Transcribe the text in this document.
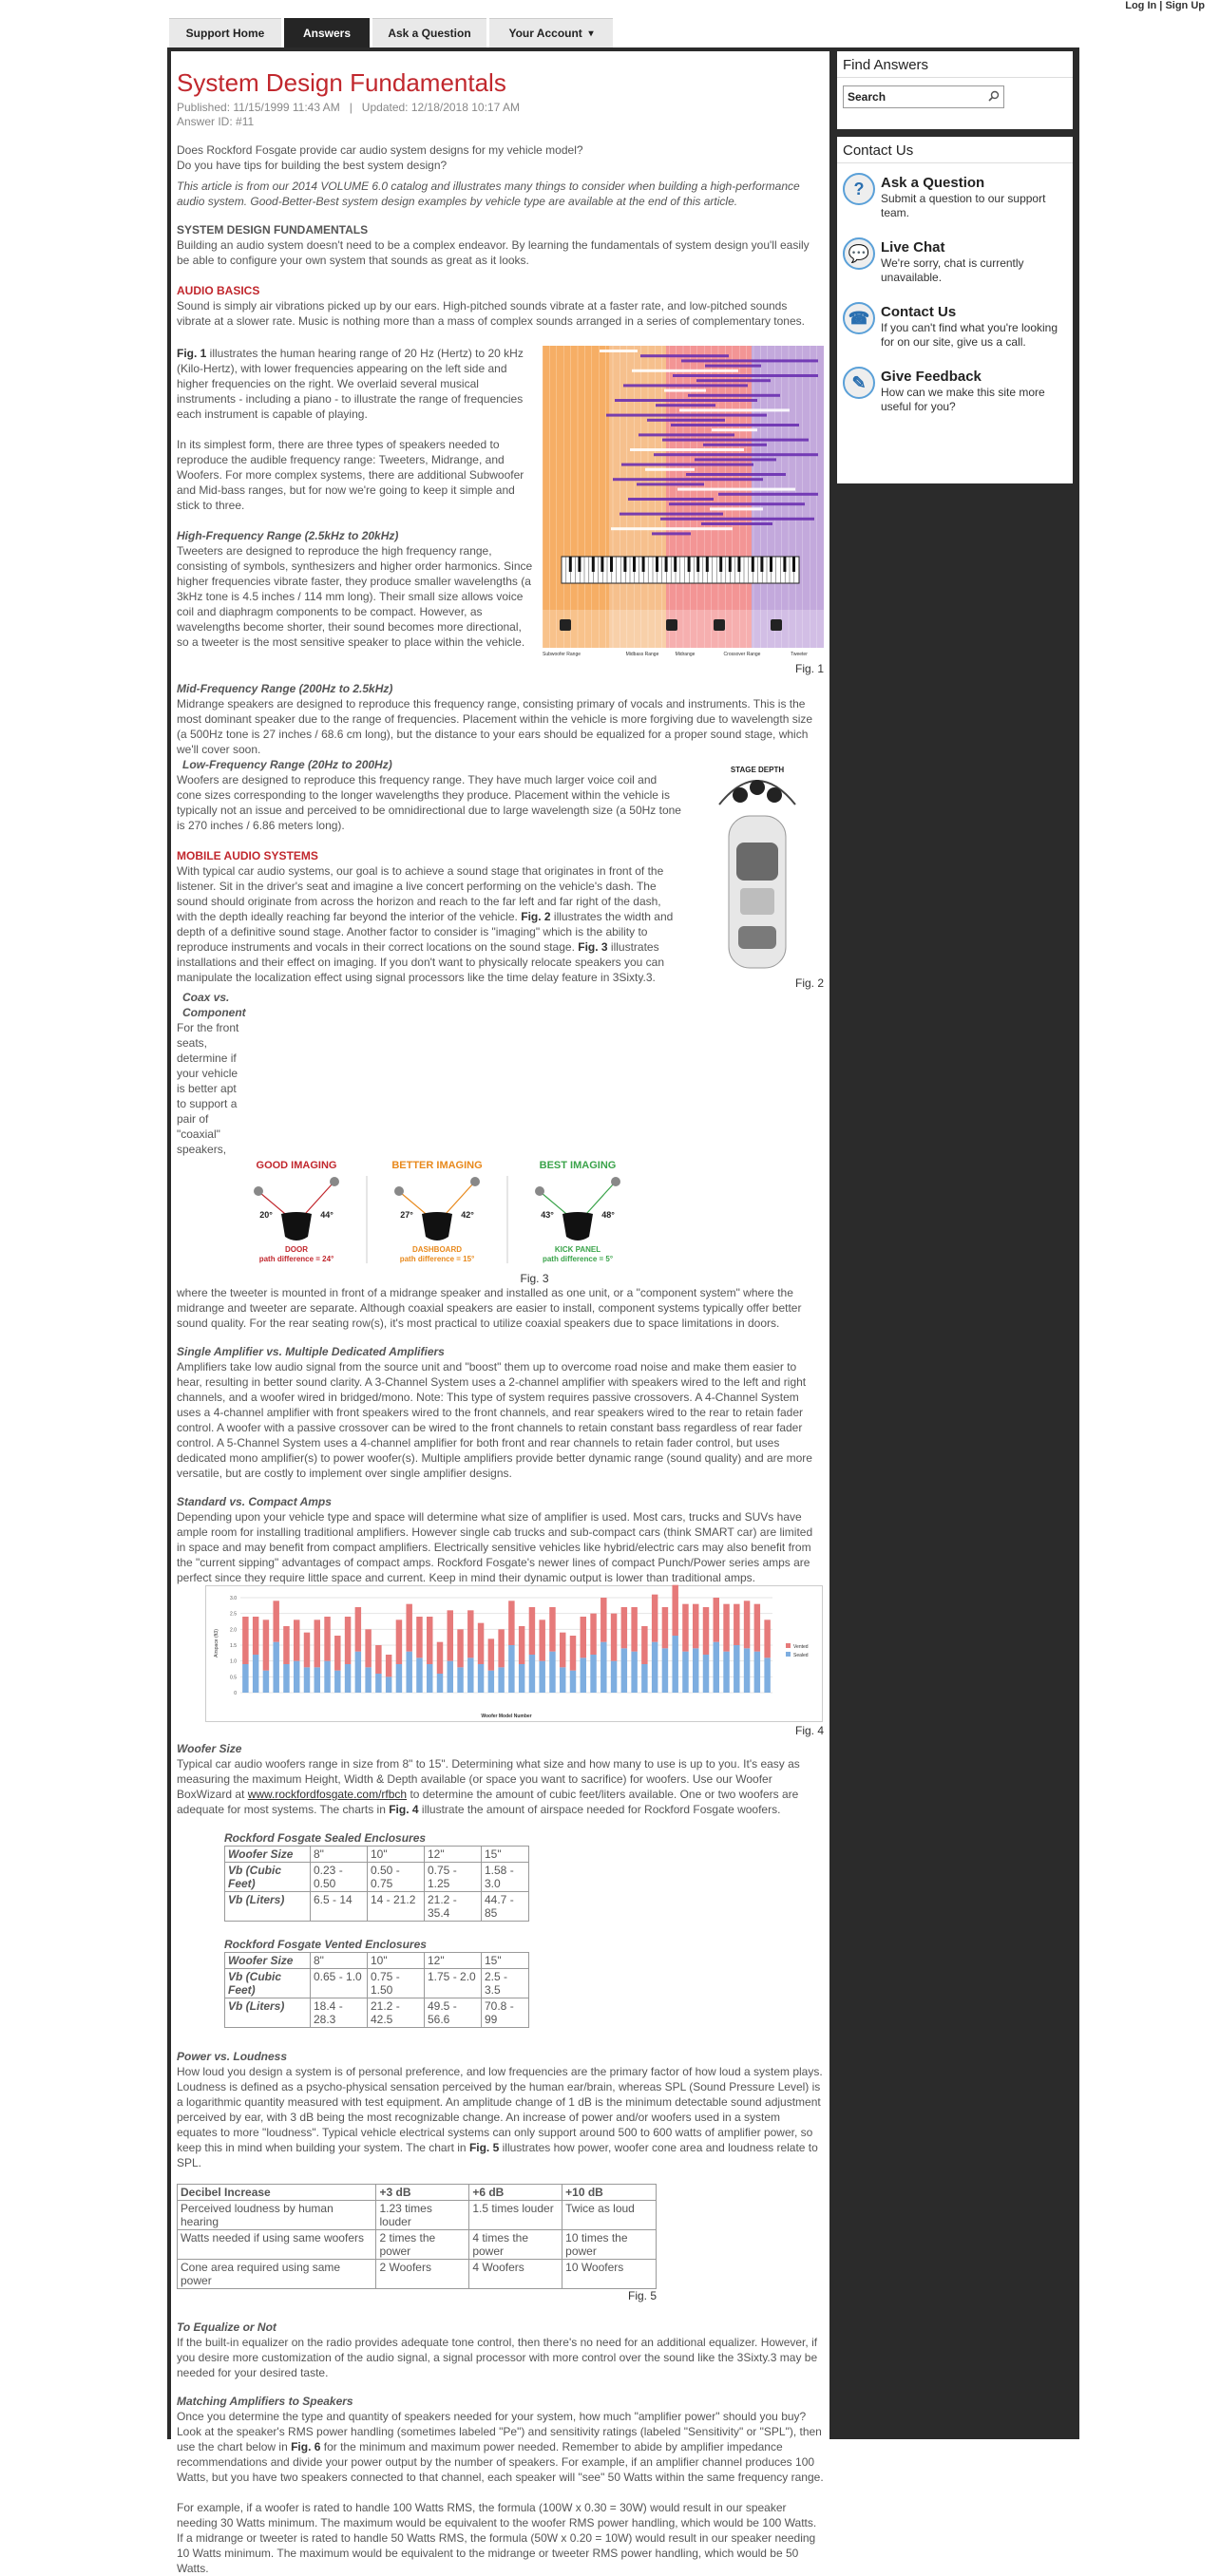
Log In | Sign Up
Support Home	Answers	Ask a Question	Your Account
▾
System Design Fundamentals
Published: 11/15/1999 11:43 AM   |   Updated: 12/18/2018 10:17 AM
Answer ID: #11

Does Rockford Fosgate provide car audio system designs for my vehicle model?

Do you have tips for building the best system design?

This article is from our 2014 VOLUME 6.0 catalog and illustrates many things to consider when building a high-performance audio system. Good-Better-Best system design examples by vehicle type are available at the end of this article.

SYSTEM DESIGN FUNDAMENTALS

Building an audio system doesn't need to be a complex endeavor. By learning the fundamentals of system design you'll easily be able to configure your own system that sounds as great as it looks.

AUDIO BASICS

Sound is simply air vibrations picked up by our ears. High-pitched sounds vibrate at a faster rate, and low-pitched sounds vibrate at a slower rate. Music is nothing more than a mass of complex sounds arranged in a series of complementary tones.

Subwoofer Range	Midbass Range	Midrange	Crossover Range	Tweeter
Fig. 1

Fig. 1 illustrates the human hearing range of 20 Hz (Hertz) to 20 kHz (Kilo-Hertz), with lower frequencies appearing on the left side and higher frequencies on the right. We overlaid several musical instruments - including a piano - to illustrate the range of frequencies each instrument is capable of playing.

In its simplest form, there are three types of speakers needed to reproduce the audible frequency range: Tweeters, Midrange, and Woofers. For more complex systems, there are additional Subwoofer and Mid-bass ranges, but for now we're going to keep it simple and stick to three.

High-Frequency Range (2.5kHz to 20kHz)

Tweeters are designed to reproduce the high frequency range, consisting of symbols, synthesizers and higher order harmonics. Since higher frequencies vibrate faster, they produce smaller wavelengths (a 3kHz tone is 4.5 inches / 114 mm long). Their small size allows voice coil and diaphragm components to be compact. However, as wavelengths become shorter, their sound becomes more directional, so a tweeter is the most sensitive speaker to place within the vehicle.

Mid-Frequency Range (200Hz to 2.5kHz)

Midrange speakers are designed to reproduce this frequency range, consisting primary of vocals and instruments. This is the most dominant speaker due to the range of frequencies. Placement within the vehicle is more forgiving due to wavelength size (a 500Hz tone is 27 inches / 68.6 cm long), but the distance to your ears should be equalized for a proper sound stage, which we'll cover soon.

STAGE DEPTH
Fig. 2

Low-Frequency Range (20Hz to 200Hz)

Woofers are designed to reproduce this frequency range. They have much larger voice coil and cone sizes corresponding to the longer wavelengths they produce. Placement within the vehicle is typically not an issue and perceived to be omnidirectional due to large wavelength size (a 50Hz tone is 270 inches / 6.86 meters long).

MOBILE AUDIO SYSTEMS

With typical car audio systems, our goal is to achieve a sound stage that originates in front of the listener. Sit in the driver's seat and imagine a live concert performing on the vehicle's dash. The sound should originate from across the horizon and reach to the far left and far right of the dash, with the depth ideally reaching far beyond the interior of the vehicle. Fig. 2 illustrates the width and depth of a definitive sound stage. Another factor to consider is "imaging" which is the ability to reproduce instruments and vocals in their correct locations on the sound stage. Fig. 3 illustrates installations and their effect on imaging. If you don't want to physically relocate speakers you can manipulate the localization effect using signal processors like the time delay feature in 3Sixty.3.

Coax vs. Component

For the front seats, determine if your vehicle is better apt to support a pair of "coaxial" speakers,

GOOD IMAGING
20°	44°
DOOR
path difference = 24°
BETTER IMAGING
27°	42°
DASHBOARD
path difference = 15°
BEST IMAGING
43°	48°
KICK PANEL
path difference = 5°
Fig. 3

where the tweeter is mounted in front of a midrange speaker and installed as one unit, or a "component system" where the midrange and tweeter are separate. Although coaxial speakers are easier to install, component systems typically offer better sound quality. For the rear seating row(s), it's most practical to utilize coaxial speakers due to space limitations in doors.

Single Amplifier vs. Multiple Dedicated Amplifiers

Amplifiers take low audio signal from the source unit and "boost" them up to overcome road noise and make them easier to hear, resulting in better sound clarity. A 3-Channel System uses a 2-channel amplifier with speakers wired to the left and right channels, and a woofer wired in bridged/mono. Note: This type of system requires passive crossovers. A 4-Channel System uses a 4-channel amplifier with front speakers wired to the front channels, and rear speakers wired to the rear to retain fader control. A woofer with a passive crossover can be wired to the front channels to retain constant bass regardless of rear fader control. A 5-Channel System uses a 4-channel amplifier for both front and rear channels to retain fader control, but uses dedicated mono amplifier(s) to power woofer(s). Multiple amplifiers provide better dynamic range (sound quality) and are more versatile, but are costly to implement over single amplifier designs.

Standard vs. Compact Amps

Depending upon your vehicle type and space will determine what size of amplifier is used. Most cars, trucks and SUVs have ample room for installing traditional amplifiers. However single cab trucks and sub-compact cars (think SMART car) are limited in space and may benefit from compact amplifiers. Electrically sensitive vehicles like hybrid/electric cars may also benefit from the "current sipping" advantages of compact amps. Rockford Fosgate's newer lines of compact Punch/Power series amps are perfect since they require little space and current. Keep in mind their dynamic output is lower than traditional amps.

0
0.5
1.0
1.5
2.0
2.5
3.0
Airspace (ft3)
Woofer Model Number
Vented
Sealed
Fig. 4

Woofer Size

Typical car audio woofers range in size from 8" to 15". Determining what size and how many to use is up to you. It's easy as measuring the maximum Height, Width & Depth available (or space you want to sacrifice) for woofers. Use our Woofer BoxWizard at www.rockfordfosgate.com/rfbch to determine the amount of cubic feet/liters available. One or two woofers are adequate for most systems. The charts in Fig. 4 illustrate the amount of airspace needed for Rockford Fosgate woofers.

Rockford Fosgate Sealed Enclosures

Woofer Size	8"	10"	12"	15"
Vb (Cubic Feet)	0.23 - 0.50	0.50 - 0.75	0.75 - 1.25	1.58 - 3.0
Vb (Liters)	6.5 - 14	14 - 21.2	21.2 - 35.4	44.7 - 85

Rockford Fosgate Vented Enclosures

Woofer Size	8"	10"	12"	15"
Vb (Cubic Feet)	0.65 - 1.0	0.75 - 1.50	1.75 - 2.0	2.5 - 3.5
Vb (Liters)	18.4 - 28.3	21.2 - 42.5	49.5 - 56.6	70.8 - 99

Power vs. Loudness

How loud you design a system is of personal preference, and low frequencies are the primary factor of how loud a system plays. Loudness is defined as a psycho-physical sensation perceived by the human ear/brain, whereas SPL (Sound Pressure Level) is a logarithmic quantity measured with test equipment. An amplitude change of 1 dB is the minimum detectable sound adjustment perceived by ear, with 3 dB being the most recognizable change. An increase of power and/or woofers used in a system equates to more "loudness". Typical vehicle electrical systems can only support around 500 to 600 watts of amplifier power, so keep this in mind when building your system. The chart in Fig. 5 illustrates how power, woofer cone area and loudness relate to SPL.

Decibel Increase	+3 dB	+6 dB	+10 dB
Perceived loudness by human hearing	1.23 times louder	1.5 times louder	Twice as loud
Watts needed if using same woofers	2 times the power	4 times the power	10 times the power
Cone area required using same power	2 Woofers	4 Woofers	10 Woofers
Fig. 5

To Equalize or Not

If the built-in equalizer on the radio provides adequate tone control, then there's no need for an additional equalizer. However, if you desire more customization of the audio signal, a signal processor with more control over the sound like the 3Sixty.3 may be needed for your desired taste.

Matching Amplifiers to Speakers

Once you determine the type and quantity of speakers needed for your system, how much "amplifier power" should you buy? Look at the speaker's RMS power handling (sometimes labeled "Pe") and sensitivity ratings (labeled "Sensitivity" or "SPL"), then use the chart below in Fig. 6 for the minimum and maximum power needed. Remember to abide by amplifier impedance recommendations and divide your power output by the number of speakers. For example, if an amplifier channel produces 100 Watts, but you have two speakers connected to that channel, each speaker will "see" 50 Watts within the same frequency range.

For example, if a woofer is rated to handle 100 Watts RMS, the formula (100W x 0.30 = 30W) would result in our speaker needing 30 Watts minimum. The maximum would be equivalent to the woofer RMS power handling, which would be 100 Watts. If a midrange or tweeter is rated to handle 50 Watts RMS, the formula (50W x 0.20 = 10W) would result in our speaker needing 10 Watts minimum. The maximum would be equivalent to the midrange or tweeter RMS power handling, which would be 50 Watts.

Find Answers
Search
Contact Us
?	Ask a Question
Submit a question to our support team.
💬 Live Chat
We're sorry, chat is currently unavailable.
☎ Contact Us
If you can't find what you're looking for on our site, give us a call.
✎	Give Feedback
How can we make this site more useful for you?
